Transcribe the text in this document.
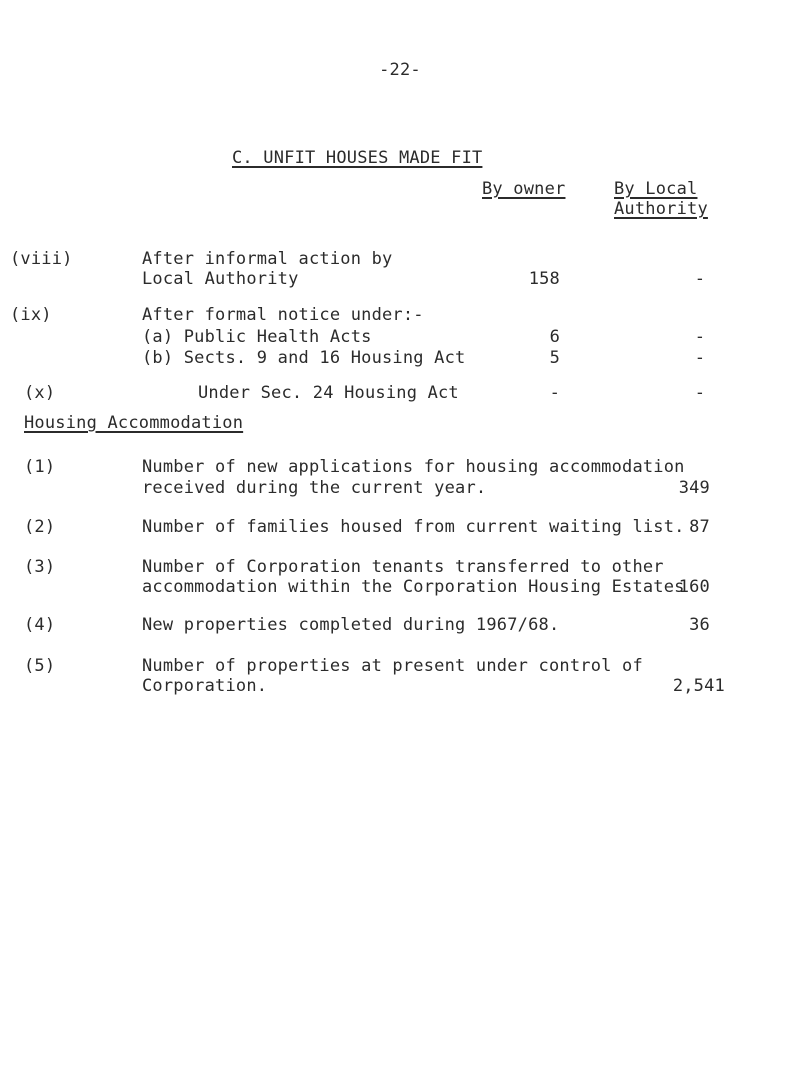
-22-
C. UNFIT HOUSES MADE FIT
By owner	By Local
Authority
(viii)	After informal action by
Local Authority	158	-
(ix)	After formal notice under:-
(a) Public Health Acts	6	-
(b) Sects. 9 and 16 Housing Act	5	-
(x)	Under Sec. 24 Housing Act	-	-
Housing Accommodation
(1)	Number of new applications for housing accommodation
received during the current year.	349
(2)	Number of families housed from current waiting list. 87
(3)	Number of Corporation tenants transferred to other
accommodation within the Corporation Housing Estates
160
(4)	New properties completed during 1967/68.	36
(5)	Number of properties at present under control of
Corporation.	2,541
